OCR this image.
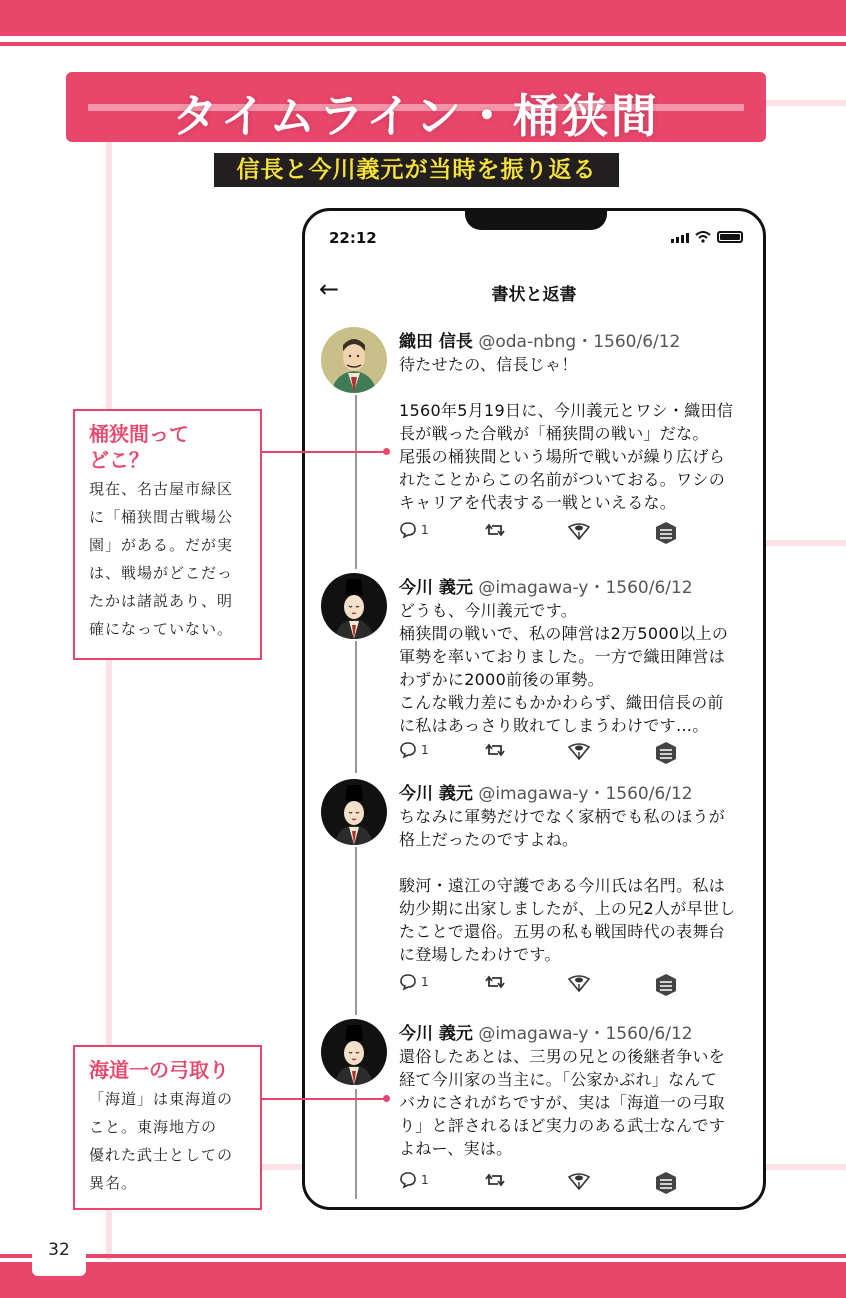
タイムライン・桶狭間
信長と今川義元が当時を振り返る
22:12
←	書状と返書
織田 信長 @oda-nbng・1560/6/12
待たせたの、信長じゃ！

1560年5月19日に、今川義元とワシ・織田信
長が戦った合戦が「桶狭間の戦い」だな。
尾張の桶狭間という場所で戦いが繰り広げら
れたことからこの名前がついておる。ワシの
キャリアを代表する一戦といえるな。
1
今川 義元 @imagawa-y・1560/6/12
どうも、今川義元です。
桶狭間の戦いで、私の陣営は2万5000以上の
軍勢を率いておりました。一方で織田陣営は
わずかに2000前後の軍勢。
こんな戦力差にもかかわらず、織田信長の前
に私はあっさり敗れてしまうわけです…。
1
今川 義元 @imagawa-y・1560/6/12
ちなみに軍勢だけでなく家柄でも私のほうが
格上だったのですよね。

駿河・遠江の守護である今川氏は名門。私は
幼少期に出家しましたが、上の兄2人が早世し
たことで還俗。五男の私も戦国時代の表舞台
に登場したわけです。
1
今川 義元 @imagawa-y・1560/6/12
還俗したあとは、三男の兄との後継者争いを
経て今川家の当主に。「公家かぶれ」なんて
バカにされがちですが、実は「海道一の弓取
り」と評されるほど実力のある武士なんです
よねー、実は。
1
桶狭間って
どこ？
現在、名古屋市緑区
に「桶狭間古戦場公
園」がある。だが実
は、戦場がどこだっ
たかは諸説あり、明
確になっていない。
海道一の弓取り
「海道」は東海道の
こと。東海地方の
優れた武士としての
異名。
32
